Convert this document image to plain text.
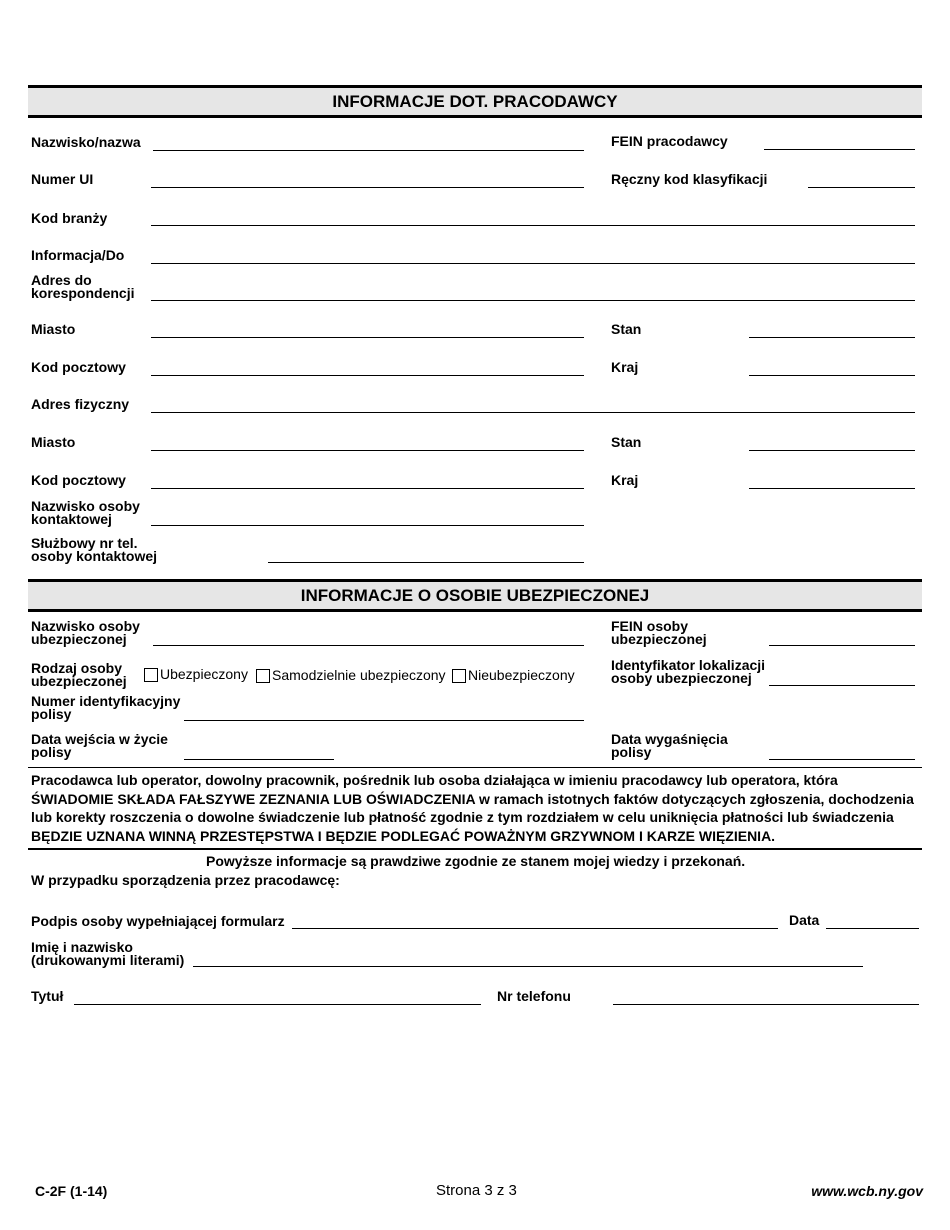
INFORMACJE DOT. PRACODAWCY
Nazwisko/nazwa	FEIN pracodawcy
Numer UI	Ręczny kod klasyfikacji
Kod branży
Informacja/Do
Adres do korespondencji
Miasto	Stan
Kod pocztowy	Kraj
Adres fizyczny
Miasto	Stan
Kod pocztowy	Kraj
Nazwisko osoby kontaktowej
Służbowy nr tel. osoby kontaktowej
INFORMACJE O OSOBIE UBEZPIECZONEJ
Nazwisko osoby ubezpieczonej
FEIN osoby ubezpieczonej
Rodzaj osoby ubezpieczonej	Ubezpieczony Samodzielnie ubezpieczony Nieubezpieczony
Identyfikator lokalizacji osoby ubezpieczonej
Numer identyfikacyjny polisy
Data wejścia w życie polisy
Data wygaśnięcia polisy
Pracodawca lub operator, dowolny pracownik, pośrednik lub osoba działająca w imieniu pracodawcy lub operatora, która
ŚWIADOMIE SKŁADA FAŁSZYWE ZEZNANIA LUB OŚWIADCZENIA w ramach istotnych faktów dotyczących zgłoszenia, dochodzenia
lub korekty roszczenia o dowolne świadczenie lub płatność zgodnie z tym rozdziałem w celu uniknięcia płatności lub świadczenia
BĘDZIE UZNANA WINNĄ PRZESTĘPSTWA I BĘDZIE PODLEGAĆ POWAŻNYM GRZYWNOM I KARZE WIĘZIENIA.
Powyższe informacje są prawdziwe zgodnie ze stanem mojej wiedzy i przekonań.
W przypadku sporządzenia przez pracodawcę:
Podpis osoby wypełniającej formularz	Data
Imię i nazwisko (drukowanymi literami)
Tytuł	Nr telefonu
C-2F (1-14)	Strona 3 z 3	www.wcb.ny.gov
